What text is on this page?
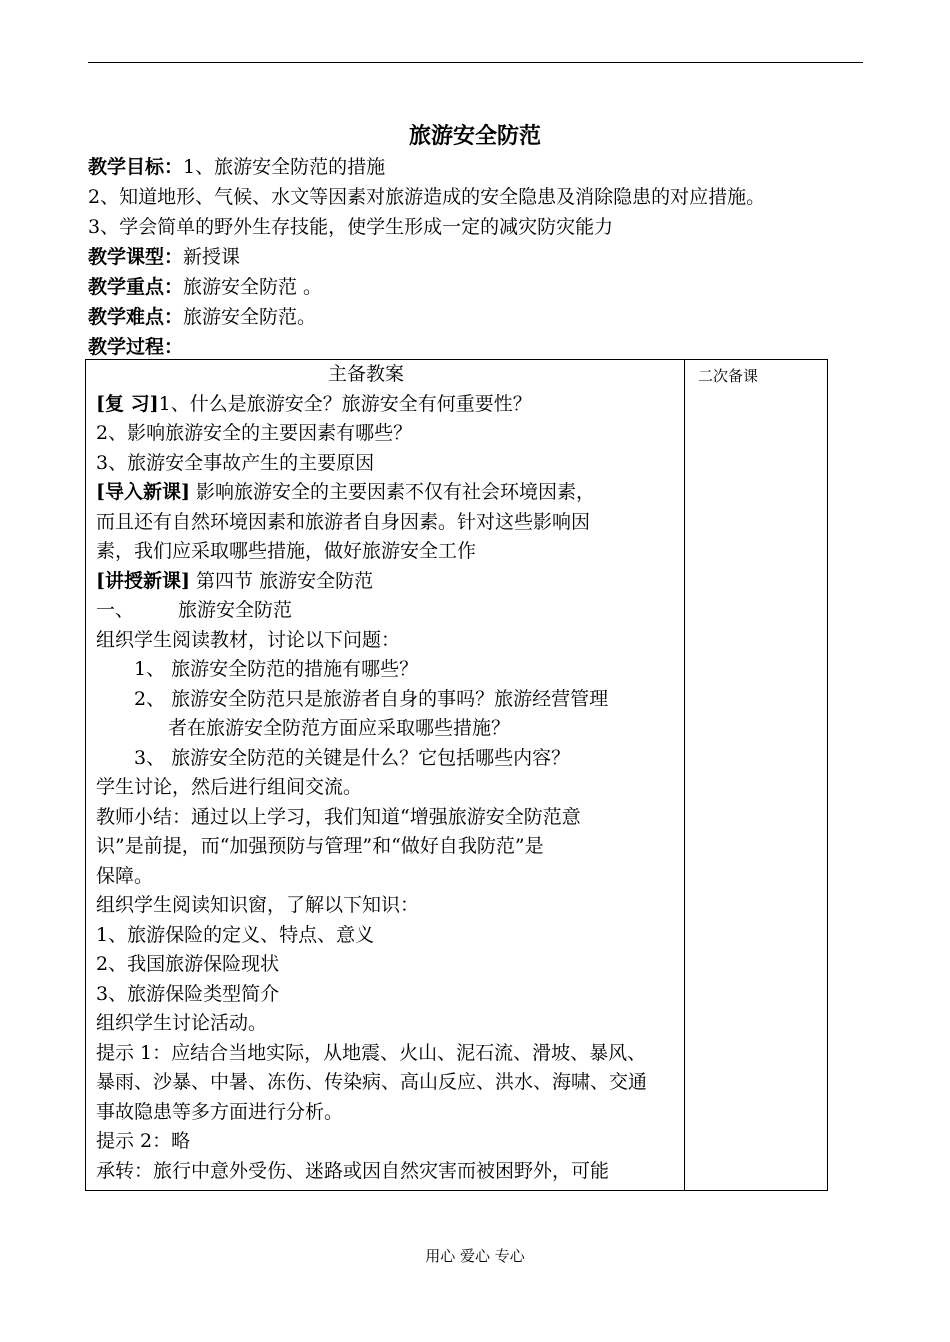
旅游安全防范
教学目标：1、旅游安全防范的措施
2、知道地形、气候、水文等因素对旅游造成的安全隐患及消除隐患的对应措施。
3、学会简单的野外生存技能，使学生形成一定的减灾防灾能力
教学课型：新授课
教学重点：旅游安全防范 。
教学难点：旅游安全防范。
教学过程：
主备教案
[复 习]1、什么是旅游安全？旅游安全有何重要性？
2、影响旅游安全的主要因素有哪些？
3、旅游安全事故产生的主要原因
[导入新课] 影响旅游安全的主要因素不仅有社会环境因素，
而且还有自然环境因素和旅游者自身因素。针对这些影响因
素，我们应采取哪些措施，做好旅游安全工作
[讲授新课] 第四节 旅游安全防范
一、 旅游安全防范
组织学生阅读教材，讨论以下问题：
1、 旅游安全防范的措施有哪些？
2、 旅游安全防范只是旅游者自身的事吗？旅游经营管理
者在旅游安全防范方面应采取哪些措施？
3、 旅游安全防范的关键是什么？它包括哪些内容？
学生讨论，然后进行组间交流。
教师小结：通过以上学习，我们知道“增强旅游安全防范意
识”是前提，而“加强预防与管理”和“做好自我防范”是
保障。
组织学生阅读知识窗，了解以下知识：
1、旅游保险的定义、特点、意义
2、我国旅游保险现状
3、旅游保险类型简介
组织学生讨论活动。
提示 1：应结合当地实际，从地震、火山、泥石流、滑坡、暴风、
暴雨、沙暴、中暑、冻伤、传染病、高山反应、洪水、海啸、交通
事故隐患等多方面进行分析。
提示 2：略
承转：旅行中意外受伤、迷路或因自然灾害而被困野外，可能
二次备课
用心 爱心 专心
